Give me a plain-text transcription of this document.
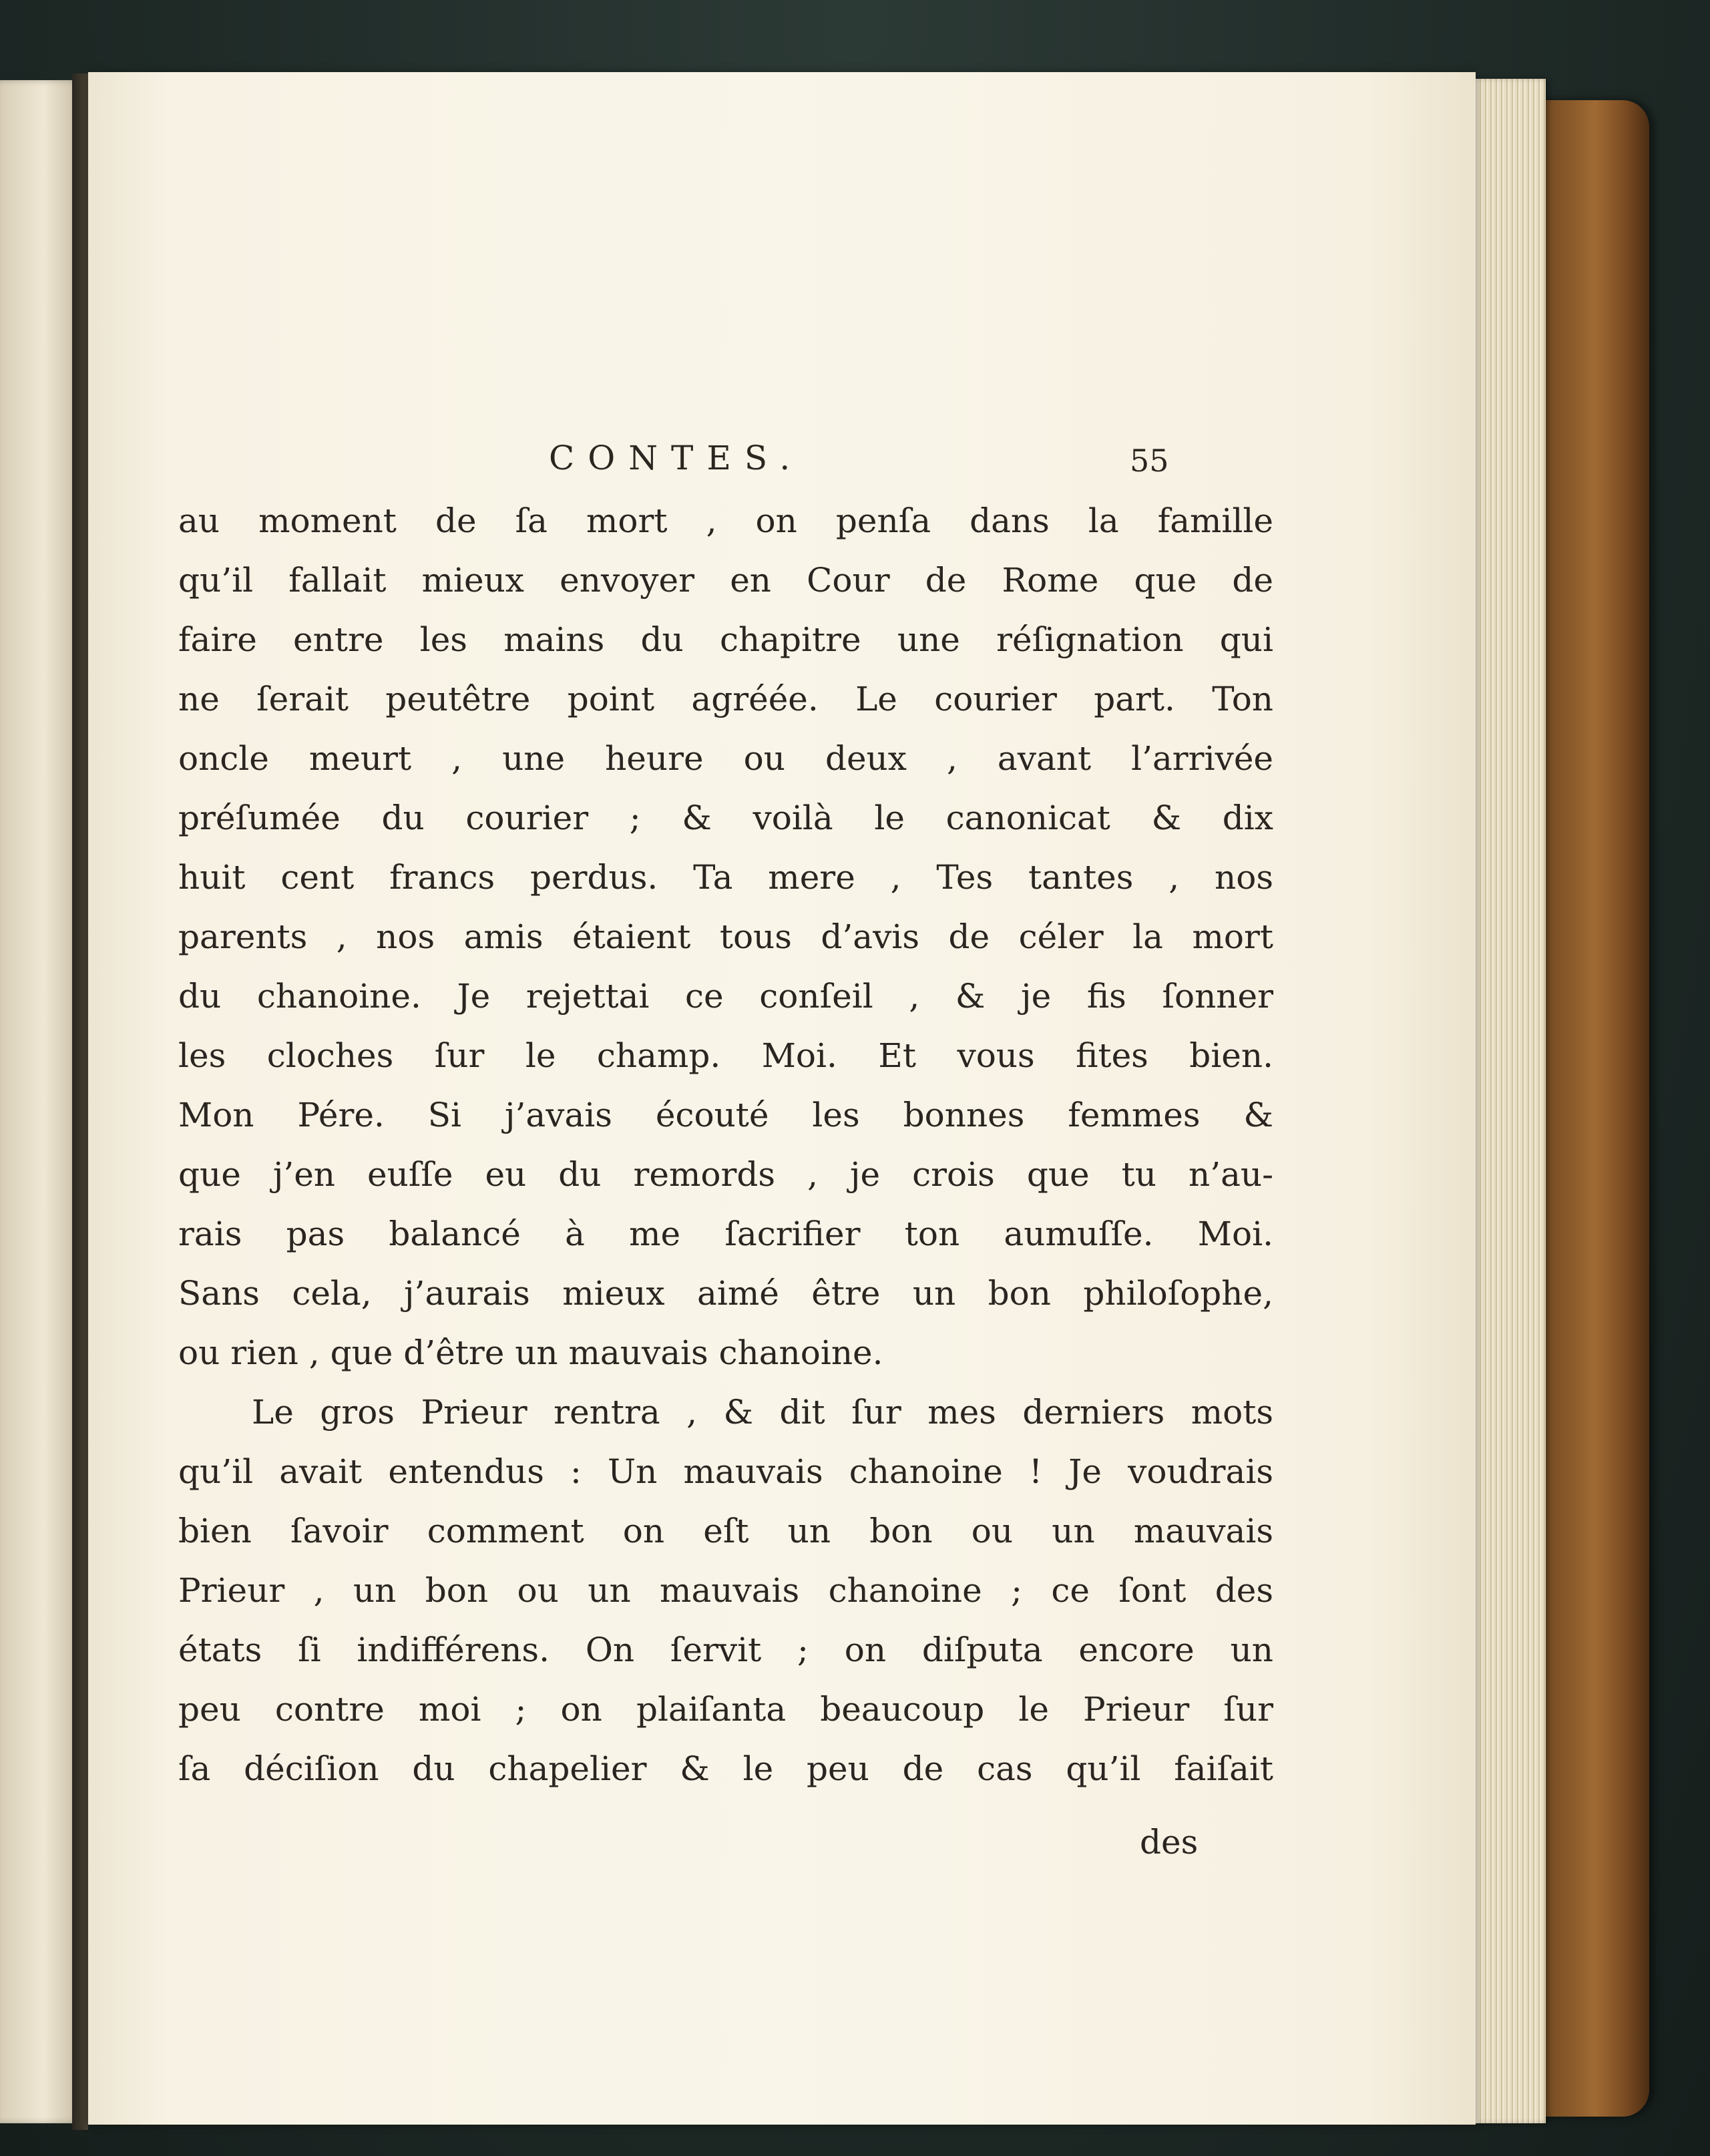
CONTES.	55
au moment de ſa mort , on penſa dans la famille
qu’il fallait mieux envoyer en Cour de Rome que de
faire entre les mains du chapitre une réſignation qui
ne ſerait peutêtre point agréée. Le courier part. Ton
oncle meurt , une heure ou deux , avant l’arrivée
préſumée du courier ; & voilà le canonicat & dix
huit cent francs perdus. Ta mere , Tes tantes , nos
parents , nos amis étaient tous d’avis de céler la mort
du chanoine. Je rejettai ce conſeil , & je fis ſonner
les cloches ſur le champ. Moi. Et vous fites bien.
Mon Pére. Si j’avais écouté les bonnes femmes &
que j’en euſſe eu du remords , je crois que tu n’au-
rais pas balancé à me ſacrifier ton aumuſſe. Moi.
Sans cela, j’aurais mieux aimé être un bon philoſophe,
ou rien , que d’être un mauvais chanoine.
Le gros Prieur rentra , & dit ſur mes derniers mots
qu’il avait entendus : Un mauvais chanoine ! Je voudrais
bien ſavoir comment on eſt un bon ou un mauvais
Prieur , un bon ou un mauvais chanoine ; ce ſont des
états ſi indifférens. On ſervit ; on diſputa encore un
peu contre moi ; on plaiſanta beaucoup le Prieur ſur
ſa déciſion du chapelier & le peu de cas qu’il faiſait
des
